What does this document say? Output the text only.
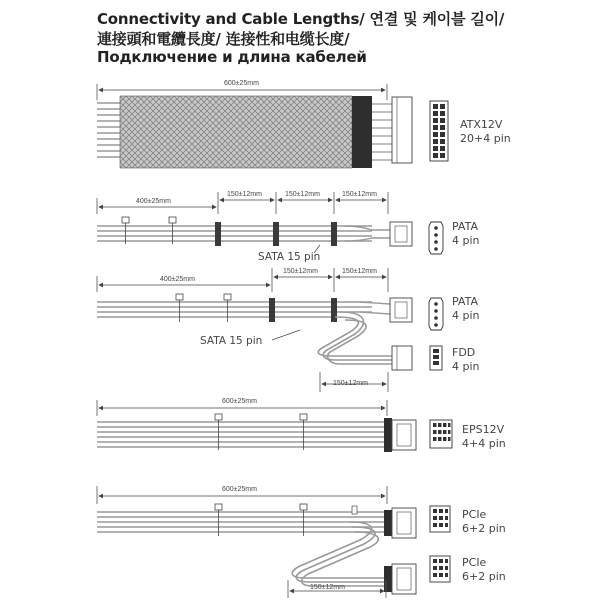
Connectivity and Cable Lengths/ 연결 및 케이블 길이/
連接頭和電纜長度/ 连接性和电缆长度/
Подключение и длина кабелей
600±25mm
ATX12V
20+4 pin
400±25mm
150±12mm	150±12mm	150±12mm
SATA 15 pin
PATA
4 pin
400±25mm
150±12mm	150±12mm
150±12mm
SATA 15 pin
PATA
4 pin
FDD
4 pin
600±25mm
EPS12V
4+4 pin
600±25mm
150±12mm
PCIe
6+2 pin
PCIe
6+2 pin
